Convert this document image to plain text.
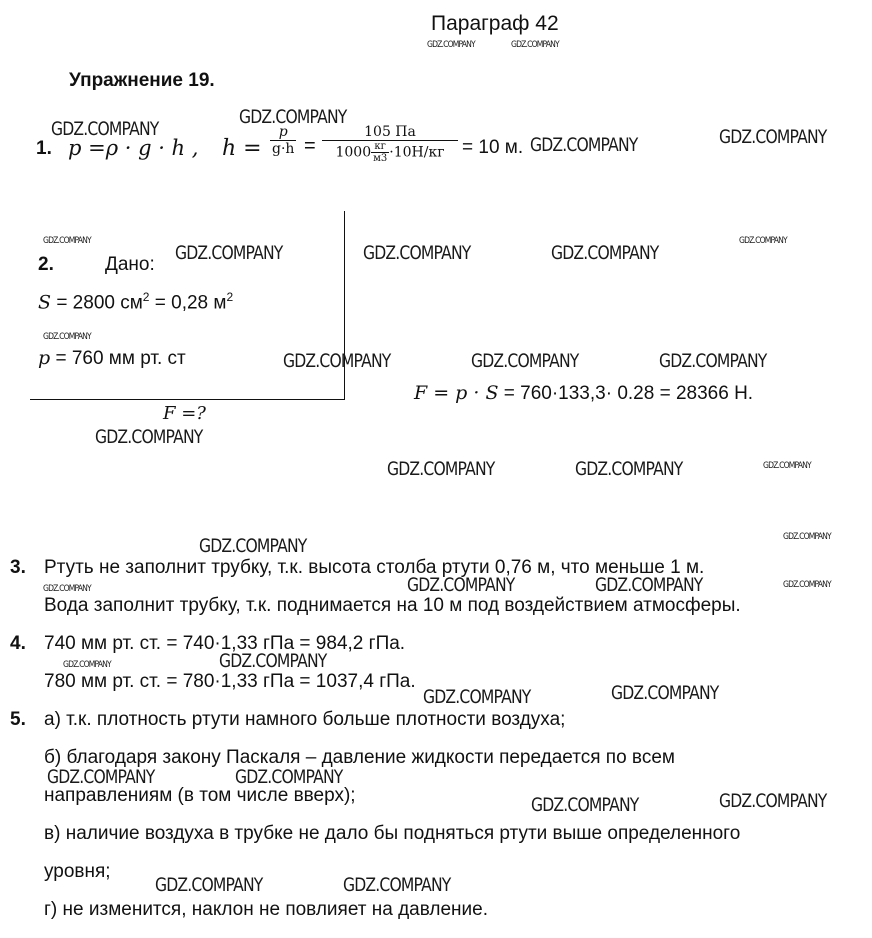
Параграф 42
Упражнение 19.
1. p =ρ · g · h , $h = \frac{p}{g\cdot h} = \frac{105 Па}{1000 \frac{кг}{м3} \cdot 10Н/кг} = 10$ м.
2.	Дано:
S = 2800 $см^2 = 0,28$ $м^2$
p = 760 мм рт. ст
F =?
F = p · S = 760·133,3· 0.28 = 28366 Н.
3. Ртуть не заполнит трубку, т.к. высота столба ртути 0,76 м, что меньше 1 м.
Вода заполнит трубку, т.к. поднимается на 10 м под воздействием атмосферы.
4. 740 мм рт. ст. = 740·1,33 гПа = 984,2 гПа.
780 мм рт. ст. = 780·1,33 гПа = 1037,4 гПа.
5. а) т.к. плотность ртути намного больше плотности воздуха;
б) благодаря закону Паскаля – давление жидкости передается по всем
направлениям (в том числе вверх);
в) наличие воздуха в трубке не дало бы подняться ртути выше определенного
уровня;
г) не изменится, наклон не повлияет на давление.
GDZ.COMPANY	GDZ.COMPANY
GDZ.COMPANY
GDZ.COMPANY
GDZ.COMPANY	GDZ.COMPANY
GDZ.COMPANY
GDZ.COMPANY	GDZ.COMPANY	GDZ.COMPANY
GDZ.COMPANY
GDZ.COMPANY
GDZ.COMPANY	GDZ.COMPANY	GDZ.COMPANY
GDZ.COMPANY
GDZ.COMPANY	GDZ.COMPANY	GDZ.COMPANY
GDZ.COMPANY
GDZ.COMPANY
GDZ.COMPANY	GDZ.COMPANY	GDZ.COMPANY	GDZ.COMPANY
GDZ.COMPANY	GDZ.COMPANY
GDZ.COMPANY	GDZ.COMPANY
GDZ.COMPANY	GDZ.COMPANY
GDZ.COMPANY	GDZ.COMPANY
GDZ.COMPANY	GDZ.COMPANY
